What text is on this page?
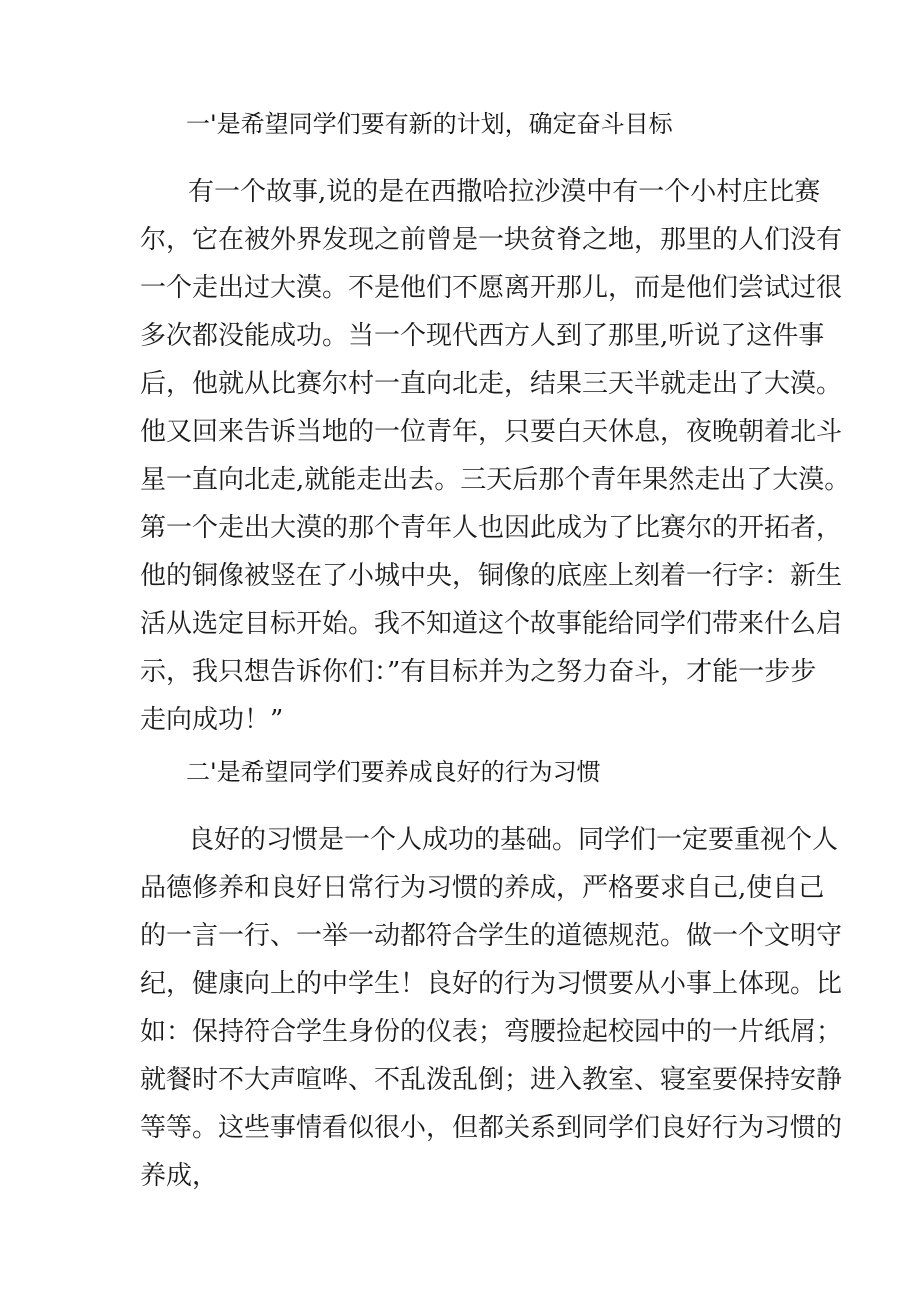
一'是希望同学们要有新的计划，确定奋斗目标
有一个故事,说的是在西撒哈拉沙漠中有一个小村庄比赛
尔，它在被外界发现之前曾是一块贫脊之地，那里的人们没有
一个走出过大漠。不是他们不愿离开那儿，而是他们尝试过很
多次都没能成功。当一个现代西方人到了那里,听说了这件事
后，他就从比赛尔村一直向北走，结果三天半就走出了大漠。
他又回来告诉当地的一位青年，只要白天休息，夜晚朝着北斗
星一直向北走,就能走出去。三天后那个青年果然走出了大漠。
第一个走出大漠的那个青年人也因此成为了比赛尔的开拓者，
他的铜像被竖在了小城中央，铜像的底座上刻着一行字：新生
活从选定目标开始。我不知道这个故事能给同学们带来什么启
示，我只想告诉你们：”有目标并为之努力奋斗，才能一步步
走向成功！”
二'是希望同学们要养成良好的行为习惯
良好的习惯是一个人成功的基础。同学们一定要重视个人
品德修养和良好日常行为习惯的养成，严格要求自己,使自己
的一言一行、一举一动都符合学生的道德规范。做一个文明守
纪，健康向上的中学生！良好的行为习惯要从小事上体现。比
如：保持符合学生身份的仪表；弯腰捡起校园中的一片纸屑；
就餐时不大声喧哗、不乱泼乱倒；进入教室、寝室要保持安静
等等。这些事情看似很小，但都关系到同学们良好行为习惯的
养成，
